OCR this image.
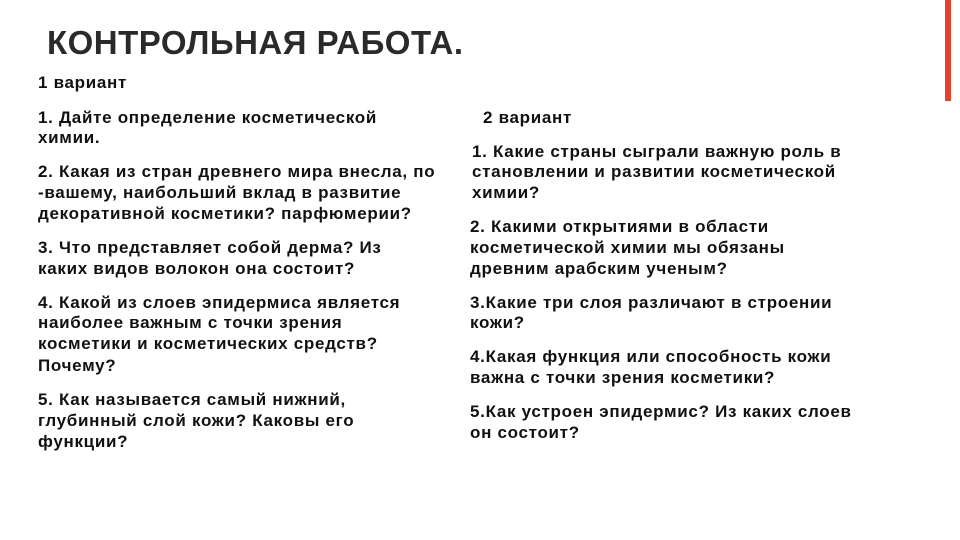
КОНТРОЛЬНАЯ РАБОТА.
1 вариант
1. Дайте определение косметической
химии.
2. Какая из стран древнего мира внесла, по
-вашему, наибольший вклад в развитие
декоративной косметики? парфюмерии?
3. Что представляет собой дерма? Из
каких видов волокон она состоит?
4. Какой из слоев эпидермиса является
наиболее важным с точки зрения
косметики и косметических средств?
Почему?
5. Как называется самый нижний,
глубинный слой кожи? Каковы его
функции?
2 вариант
1. Какие страны сыграли важную роль в
становлении и развитии косметической
химии?
2. Какими открытиями в области
косметической химии мы обязаны
древним арабским ученым?
3.Какие три слоя различают в строении
кожи?
4.Какая функция или способность кожи
важна с точки зрения косметики?
5.Как устроен эпидермис? Из каких слоев
он состоит?
